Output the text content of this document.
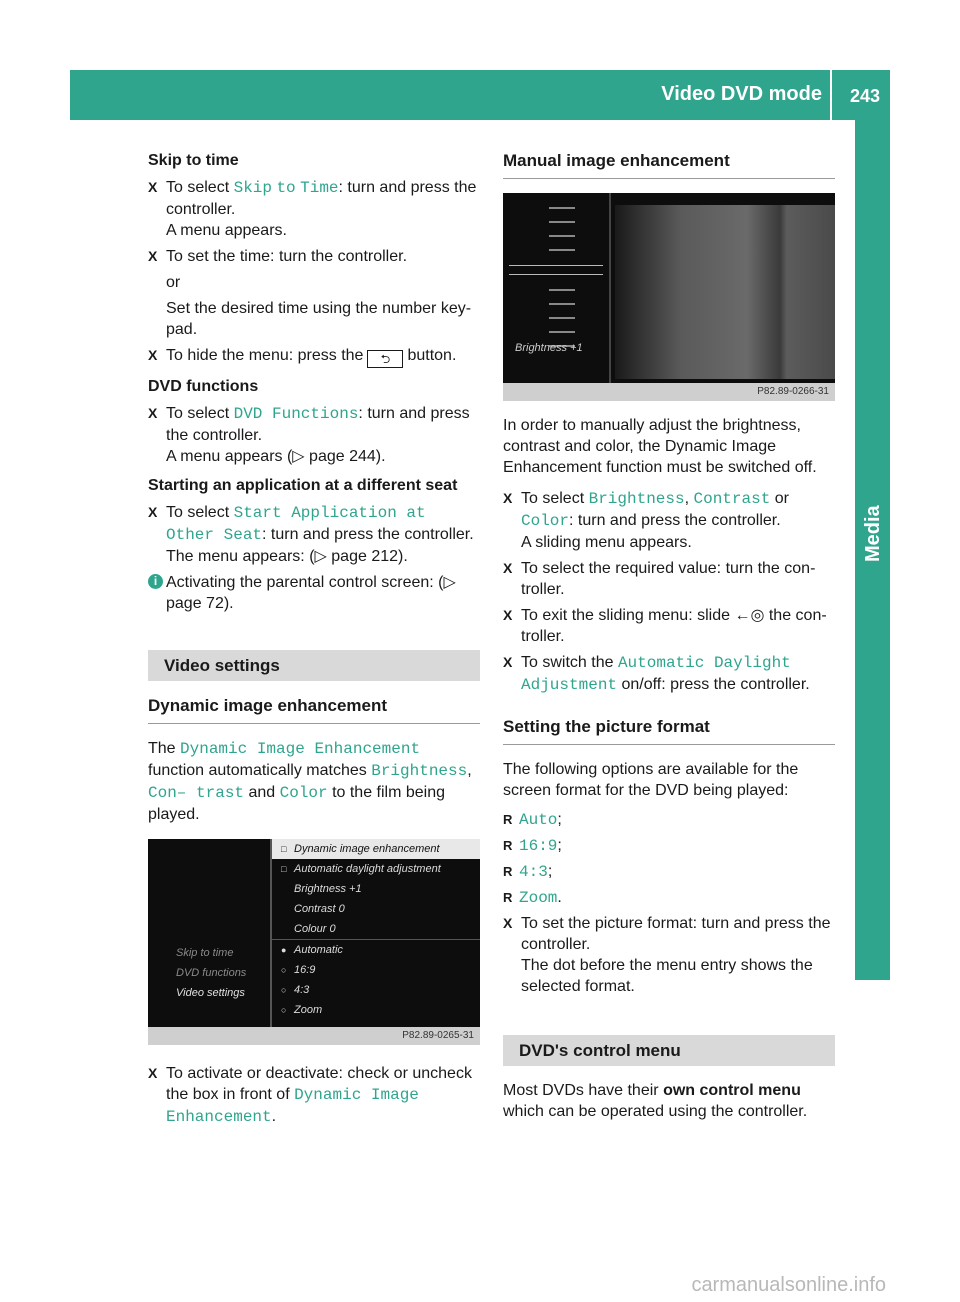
Video DVD mode 243
Media
Skip to time
X To select Skip to Time: turn and press the controller.
A menu appears.
X To set the time: turn the controller.

or

Set the desired time using the number key-pad.

X To hide the menu: press the ⮌ button.
DVD functions
X To select DVD Functions: turn and press the controller.
A menu appears (▷ page 244).
Starting an application at a different seat
X To select Start Application at Other Seat: turn and press the controller.
The menu appears: (▷ page 212).
i Activating the parental control screen: (▷ page 72).
Video settings
Dynamic image enhancement

The Dynamic Image Enhancement function automatically matches Brightness, Con– trast and Color to the film being played.

Skip to time
DVD functions
Video settings
□ Dynamic image enhancement
□ Automatic daylight adjustment
Brightness +1
Contrast 0
Colour 0
● Automatic
○ 16:9
○ 4:3
○ Zoom
P82.89-0265-31
X To activate or deactivate: check or uncheck the box in front of Dynamic Image Enhancement.
Manual image enhancement
Brightness +1
P82.89-0266-31

In order to manually adjust the brightness, contrast and color, the Dynamic Image Enhancement function must be switched off.

X To select Brightness, Contrast or Color: turn and press the controller.
A sliding menu appears.
X To select the required value: turn the con-troller.
X To exit the sliding menu: slide ←◎ the con-troller.
X To switch the Automatic Daylight Adjustment on/off: press the controller.
Setting the picture format

The following options are available for the screen format for the DVD being played:

R Auto;
R 16:9;
R 4:3;
R Zoom.
X To set the picture format: turn and press the controller.
The dot before the menu entry shows the selected format.
DVD's control menu

Most DVDs have their own control menu which can be operated using the controller.

carmanualsonline.info
